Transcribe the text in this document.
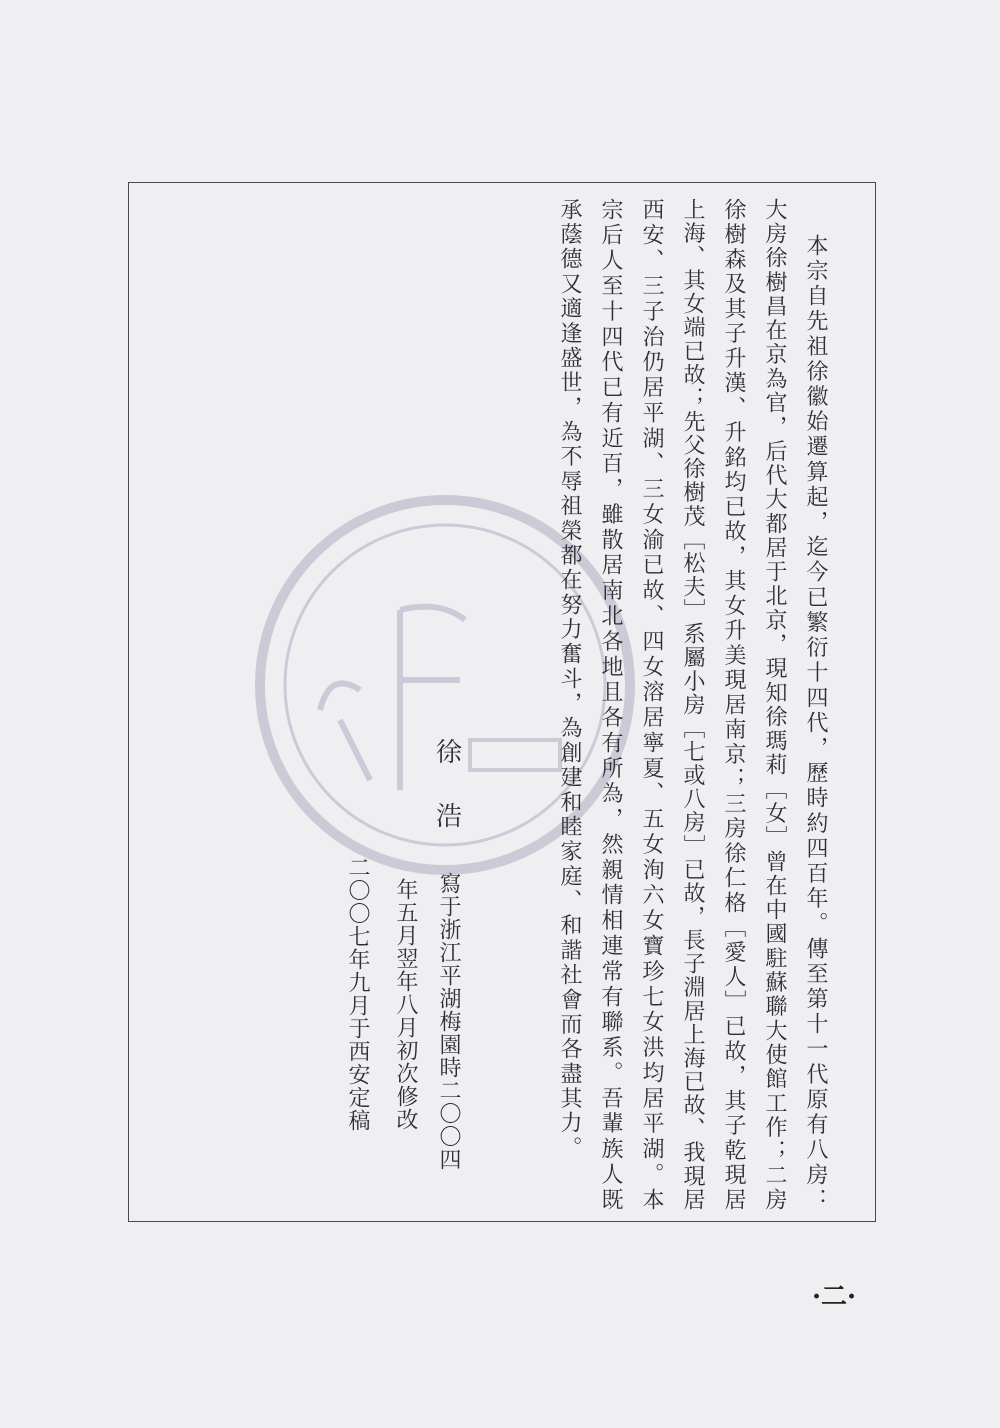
本宗自先祖徐徽始遷算起，迄今已繁衍十四代，歷時約四百年。傳至第十一代原有八房：
大房徐樹昌在京為官，后代大都居于北京，現知徐瑪莉［女］曾在中國駐蘇聯大使館工作；二房
徐樹森及其子升漢、升銘均已故，其女升美現居南京；三房徐仁格［愛人］已故，其子乾現居
上海、其女端已故；先父徐樹茂［松夫］系屬小房［七或八房］已故，長子淵居上海已故、我現居
西安、三子治仍居平湖、三女渝已故、四女溶居寧夏、五女洵六女寶珍七女洪均居平湖。本
宗后人至十四代已有近百，雖散居南北各地且各有所為，然親情相連常有聯系。吾輩族人既
承蔭德又適逢盛世，為不辱祖榮都在努力奮斗，為創建和睦家庭、和諧社會而各盡其力。
徐
浩
寫于浙江平湖梅園時二〇〇四
年五月翌年八月初次修改
二〇〇七年九月于西安定稿
·二·
